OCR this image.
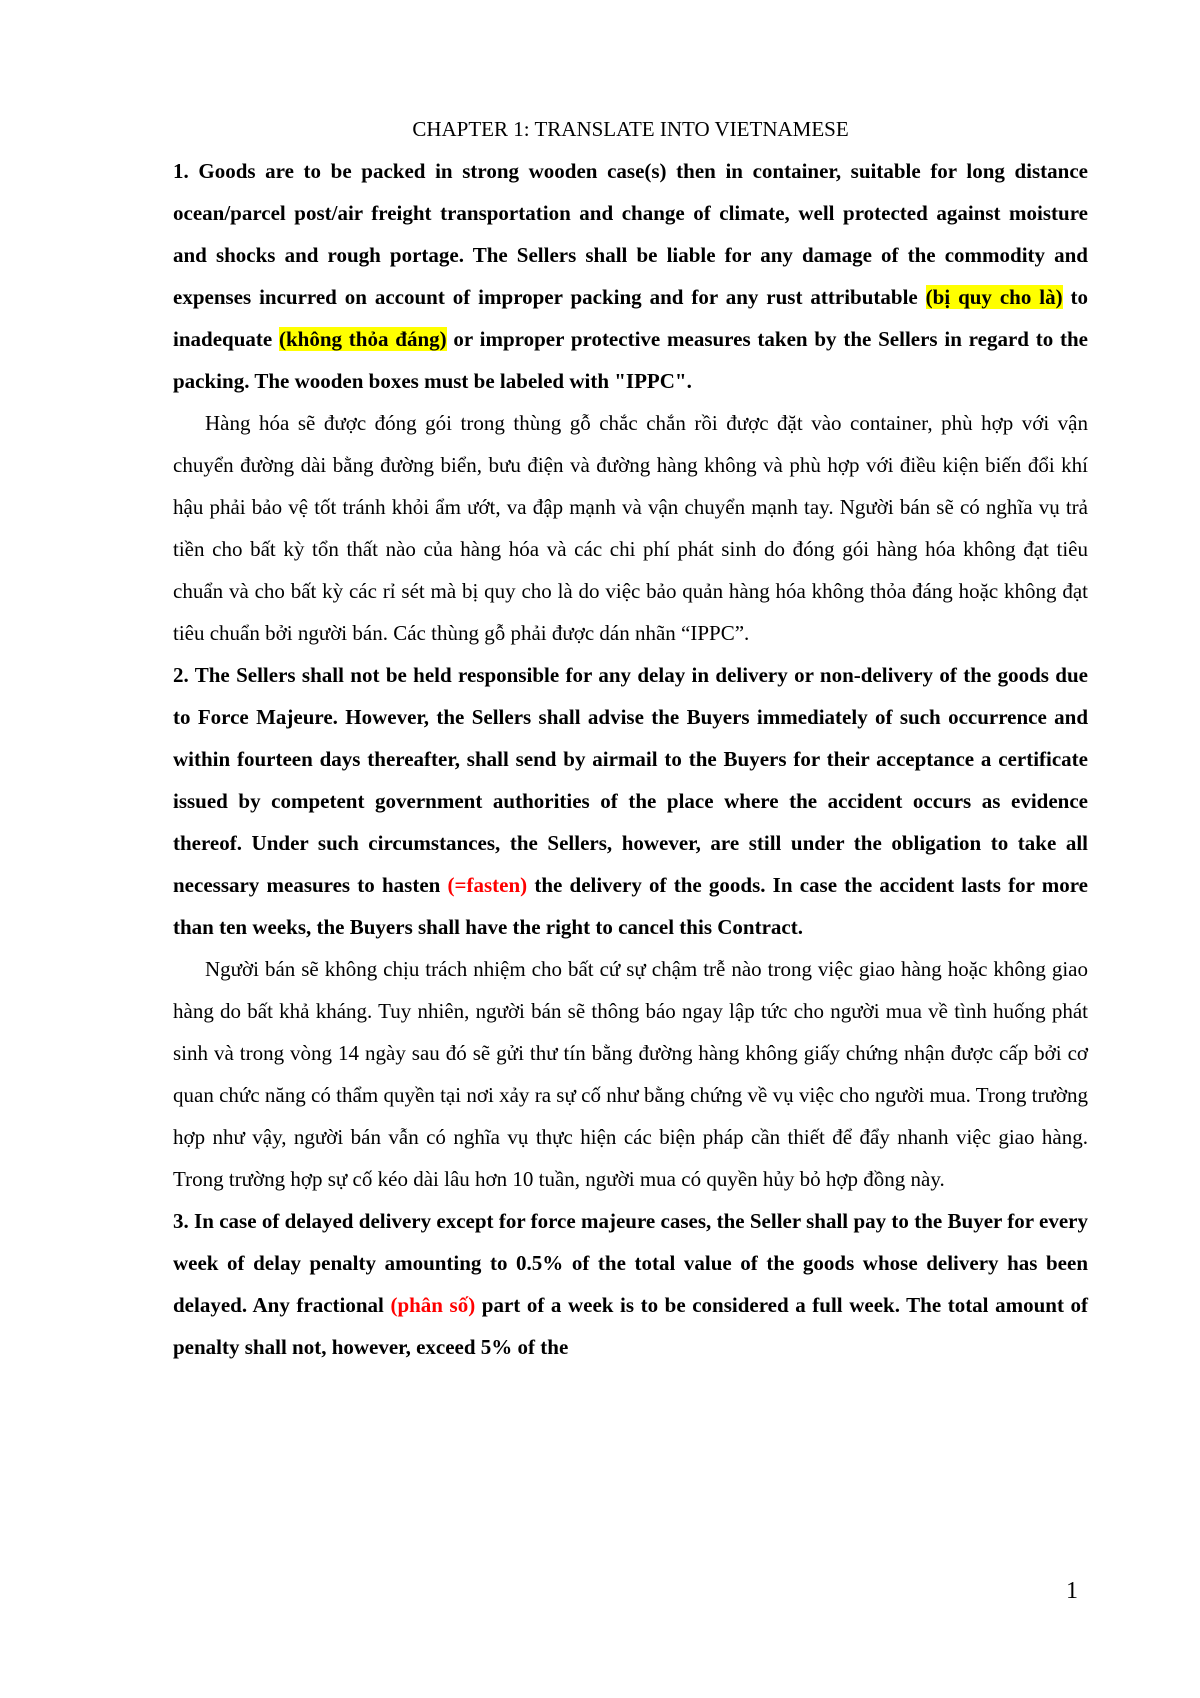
CHAPTER 1: TRANSLATE INTO VIETNAMESE

1. Goods are to be packed in strong wooden case(s) then in container, suitable for long distance ocean/parcel post/air freight transportation and change of climate, well protected against moisture and shocks and rough portage. The Sellers shall be liable for any damage of the commodity and expenses incurred on account of improper packing and for any rust attributable (bị quy cho là) to inadequate (không thỏa đáng) or improper protective measures taken by the Sellers in regard to the packing. The wooden boxes must be labeled with "IPPC".

Hàng hóa sẽ được đóng gói trong thùng gỗ chắc chắn rồi được đặt vào container, phù hợp với vận chuyển đường dài bằng đường biển, bưu điện và đường hàng không và phù hợp với điều kiện biến đổi khí hậu phải bảo vệ tốt tránh khỏi ẩm ướt, va đập mạnh và vận chuyển mạnh tay. Người bán sẽ có nghĩa vụ trả tiền cho bất kỳ tổn thất nào của hàng hóa và các chi phí phát sinh do đóng gói hàng hóa không đạt tiêu chuẩn và cho bất kỳ các rỉ sét mà bị quy cho là do việc bảo quản hàng hóa không thỏa đáng hoặc không đạt tiêu chuẩn bởi người bán. Các thùng gỗ phải được dán nhãn “IPPC”.

2. The Sellers shall not be held responsible for any delay in delivery or non-delivery of the goods due to Force Majeure. However, the Sellers shall advise the Buyers immediately of such occurrence and within fourteen days thereafter, shall send by airmail to the Buyers for their acceptance a certificate issued by competent government authorities of the place where the accident occurs as evidence thereof. Under such circumstances, the Sellers, however, are still under the obligation to take all necessary measures to hasten (=fasten) the delivery of the goods. In case the accident lasts for more than ten weeks, the Buyers shall have the right to cancel this Contract.

Người bán sẽ không chịu trách nhiệm cho bất cứ sự chậm trễ nào trong việc giao hàng hoặc không giao hàng do bất khả kháng. Tuy nhiên, người bán sẽ thông báo ngay lập tức cho người mua về tình huống phát sinh và trong vòng 14 ngày sau đó sẽ gửi thư tín bằng đường hàng không giấy chứng nhận được cấp bởi cơ quan chức năng có thẩm quyền tại nơi xảy ra sự cố như bằng chứng về vụ việc cho người mua. Trong trường hợp như vậy, người bán vẫn có nghĩa vụ thực hiện các biện pháp cần thiết để đẩy nhanh việc giao hàng. Trong trường hợp sự cố kéo dài lâu hơn 10 tuần, người mua có quyền hủy bỏ hợp đồng này.

3. In case of delayed delivery except for force majeure cases, the Seller shall pay to the Buyer for every week of delay penalty amounting to 0.5% of the total value of the goods whose delivery has been delayed. Any fractional (phân số) part of a week is to be considered a full week. The total amount of penalty shall not, however, exceed 5% of the

1
